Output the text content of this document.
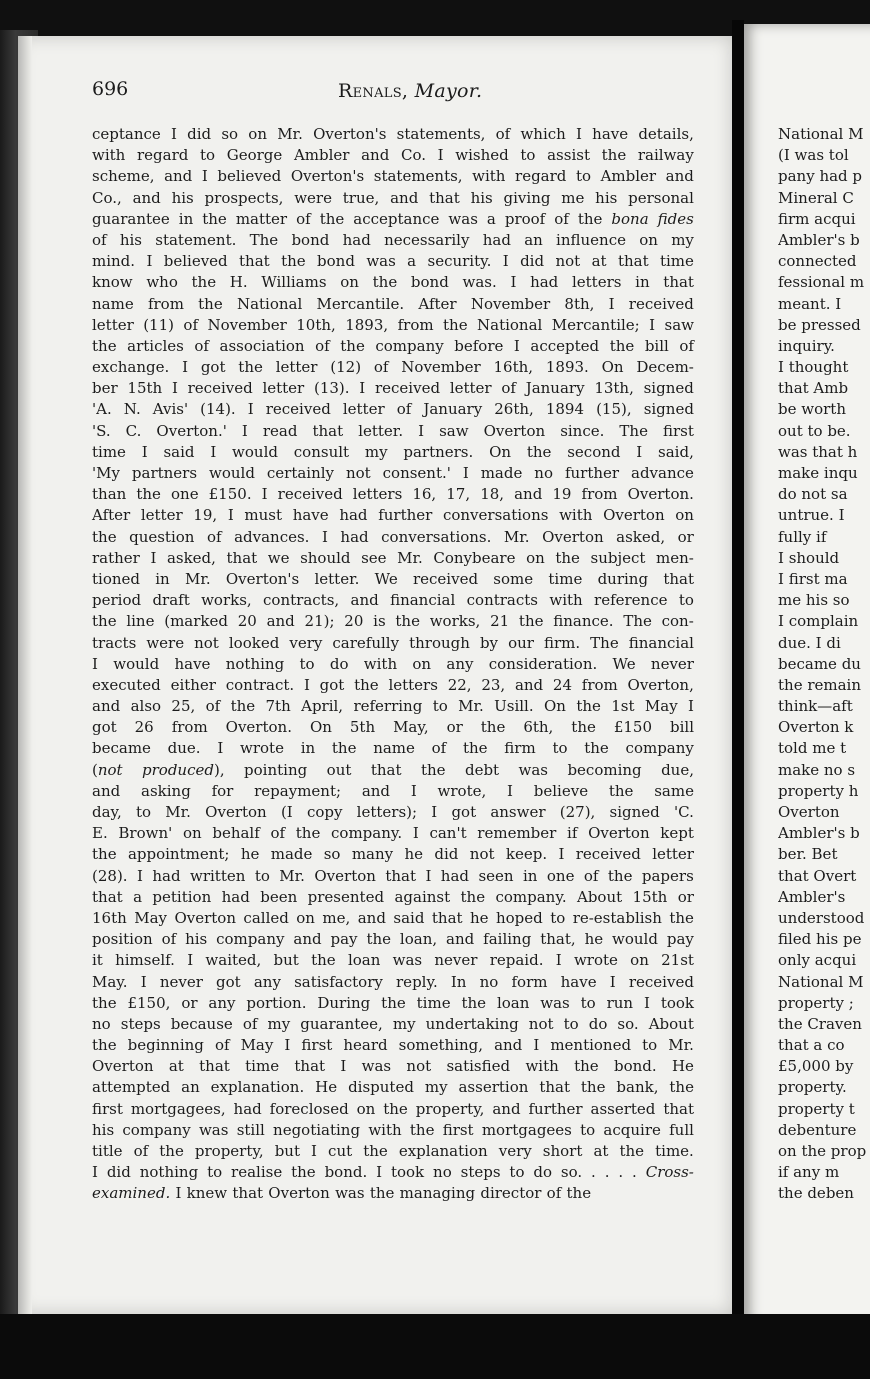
696	Renals, Mayor.

ceptance I did so on Mr. Overton's statements, of which I have details,
with regard to George Ambler and Co. I wished to assist the railway
scheme, and I believed Overton's statements, with regard to Ambler and
Co., and his prospects, were true, and that his giving me his personal
guarantee in the matter of the acceptance was a proof of the bona fides
of his statement. The bond had necessarily had an influence on my
mind. I believed that the bond was a security. I did not at that time
know who the H. Williams on the bond was. I had letters in that
name from the National Mercantile. After November 8th, I received
letter (11) of November 10th, 1893, from the National Mercantile; I saw
the articles of association of the company before I accepted the bill of
exchange. I got the letter (12) of November 16th, 1893. On Decem-
ber 15th I received letter (13). I received letter of January 13th, signed
'A. N. Avis' (14). I received letter of January 26th, 1894 (15), signed
'S. C. Overton.' I read that letter. I saw Overton since. The first
time I said I would consult my partners. On the second I said,
'My partners would certainly not consent.' I made no further advance
than the one £150. I received letters 16, 17, 18, and 19 from Overton.
After letter 19, I must have had further conversations with Overton on
the question of advances. I had conversations. Mr. Overton asked, or
rather I asked, that we should see Mr. Conybeare on the subject men-
tioned in Mr. Overton's letter. We received some time during that
period draft works, contracts, and financial contracts with reference to
the line (marked 20 and 21); 20 is the works, 21 the finance. The con-
tracts were not looked very carefully through by our firm. The financial
I would have nothing to do with on any consideration. We never
executed either contract. I got the letters 22, 23, and 24 from Overton,
and also 25, of the 7th April, referring to Mr. Usill. On the 1st May I
got 26 from Overton. On 5th May, or the 6th, the £150 bill
became due. I wrote in the name of the firm to the company
(not produced), pointing out that the debt was becoming due,
and asking for repayment; and I wrote, I believe the same
day, to Mr. Overton (I copy letters); I got answer (27), signed 'C.
E. Brown' on behalf of the company. I can't remember if Overton kept
the appointment; he made so many he did not keep. I received letter
(28). I had written to Mr. Overton that I had seen in one of the papers
that a petition had been presented against the company. About 15th or
16th May Overton called on me, and said that he hoped to re-establish the
position of his company and pay the loan, and failing that, he would pay
it himself. I waited, but the loan was never repaid. I wrote on 21st
May. I never got any satisfactory reply. In no form have I received
the £150, or any portion. During the time the loan was to run I took
no steps because of my guarantee, my undertaking not to do so. About
the beginning of May I first heard something, and I mentioned to Mr.
Overton at that time that I was not satisfied with the bond. He
attempted an explanation. He disputed my assertion that the bank, the
first mortgagees, had foreclosed on the property, and further asserted that
his company was still negotiating with the first mortgagees to acquire full
title of the property, but I cut the explanation very short at the time.
I did nothing to realise the bond. I took no steps to do so. . . . . Cross-
examined. I knew that Overton was the managing director of the
National M
(I was tol
pany had p
Mineral C
firm acqui
Ambler's b
connected
fessional m
meant. I
be pressed
inquiry.
I thought
that Amb
be worth
out to be.
was that h
make inqu
do not sa
untrue. I
fully if
I should
I first ma
me his so
I complain
due. I di
became du
the remain
think—aft
Overton k
told me t
make no s
property h
Overton
Ambler's b
ber. Bet
that Overt
Ambler's
understood
filed his pe
only acqui
National M
property ;
the Craven
that a co
£5,000 by
property.
property t
debenture
on the prop
if any m
the deben
